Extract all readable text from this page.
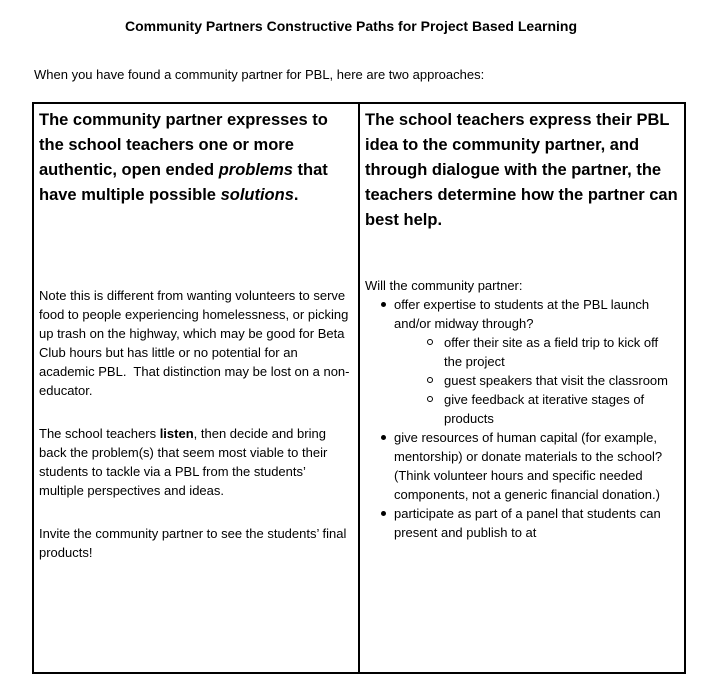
Community Partners Constructive Paths for Project Based Learning

When you have found a community partner for PBL, here are two approaches:

The community partner expresses to the school teachers one or more authentic, open ended problems that have multiple possible solutions.

Note this is different from wanting volunteers to serve food to people experiencing homelessness, or picking up trash on the highway, which may be good for Beta Club hours but has little or no potential for an academic PBL.  That distinction may be lost on a non-educator.

The school teachers listen, then decide and bring back the problem(s) that seem most viable to their students to tackle via a PBL from the students’ multiple perspectives and ideas.

Invite the community partner to see the students’ final products!

The school teachers express their PBL idea to the community partner, and through dialogue with the partner, the teachers determine how the partner can best help.

Will the community partner:

offer expertise to students at the PBL launch and/or midway through?
offer their site as a field trip to kick off the project
guest speakers that visit the classroom
give feedback at iterative stages of products
give resources of human capital (for example, mentorship) or donate materials to the school? (Think volunteer hours and specific needed components, not a generic financial donation.)
participate as part of a panel that students can present and publish to at
